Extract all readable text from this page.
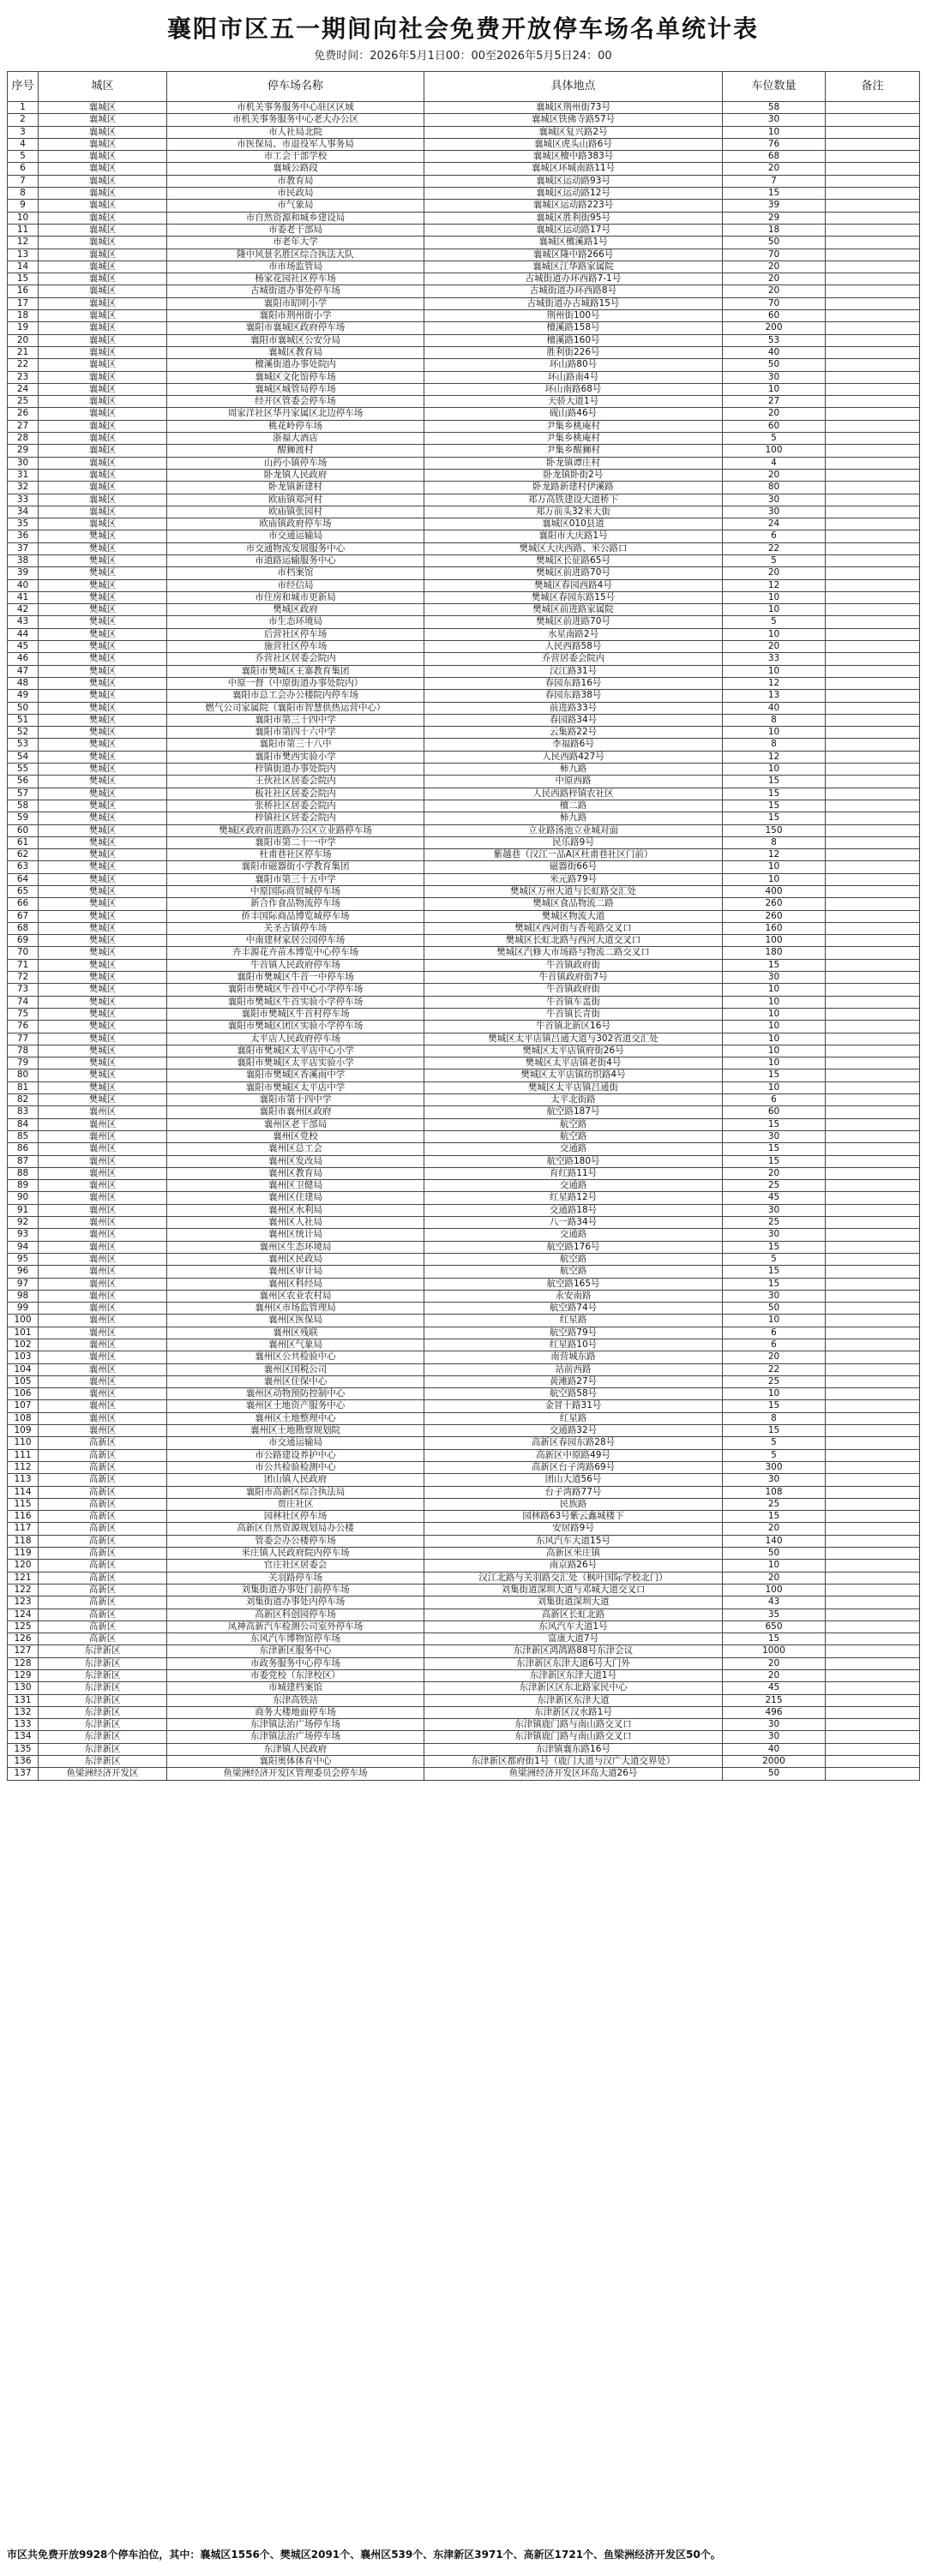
襄阳市区五一期间向社会免费开放停车场名单统计表
免费时间：2026年5月1日00：00至2026年5月5日24：00
序号	城区	停车场名称	具体地点	车位数量	备注
1	襄城区	市机关事务服务中心驻区区域	襄城区荆州街73号	58	
2	襄城区	市机关事务服务中心老大办公区	襄城区铁佛寺路57号	30	
3	襄城区	市人社局北院	襄城区复兴路2号	10	
4	襄城区	市医保局、市退役军人事务局	襄城区虎头山路6号	76	
5	襄城区	市工会干部学校	襄城区檀中路383号	68	
6	襄城区	襄城公路段	襄城区环城南路11号	20	
7	襄城区	市教育局	襄城区运动路93号	7	
8	襄城区	市民政局	襄城区运动路12号	15	
9	襄城区	市气象局	襄城区运动路223号	39	
10	襄城区	市自然资源和城乡建设局	襄城区胜利街95号	29	
11	襄城区	市委老干部局	襄城区运动路17号	18	
12	襄城区	市老年大学	襄城区檀溪路1号	50	
13	襄城区	隆中风景名胜区综合执法大队	襄城区隆中路266号	70	
14	襄城区	市市场监管局	襄城区江华路家属院	20	
15	襄城区	杨家花园社区停车场	古城街道办环西路7-1号	20	
16	襄城区	古城街道办事处停车场	古城街道办环西路8号	20	
17	襄城区	襄阳市昭明小学	古城街道办古城路15号	70	
18	襄城区	襄阳市荆州街小学	荆州街100号	60	
19	襄城区	襄阳市襄城区政府停车场	檀溪路158号	200	
20	襄城区	襄阳市襄城区公安分局	檀溪路160号	53	
21	襄城区	襄城区教育局	胜利街226号	40	
22	襄城区	檀溪街道办事处院内	环山路80号	50	
23	襄城区	襄城区文化馆停车场	环山路南4号	30	
24	襄城区	襄城区城管局停车场	环山南路68号	10	
25	襄城区	经开区管委会停车场	天骄大道1号	27	
26	襄城区	周家洋社区华丹家属区北边停车场	砚山路46号	20	
27	襄城区	桃花岭停车场	尹集乡桃庵村	60	
28	襄城区	浙福大酒店	尹集乡桃庵村	5	
29	襄城区	醒狮渡村	尹集乡醒狮村	100	
30	襄城区	山药小镇停车场	卧龙镇谭庄村	4	
31	襄城区	卧龙镇人民政府	卧龙镇卧街2号	20	
32	襄城区	卧龙镇新建村	卧龙路新建村伊溪路	80	
33	襄城区	欧庙镇郑河村	郑万高铁建设大道桥下	30	
34	襄城区	欧庙镇张园村	郑万前头32米大街	30	
35	襄城区	欧庙镇政府停车场	襄城区010县道	24	
36	樊城区	市交通运输局	襄阳市大庆路1号	6	
37	樊城区	市交通物流发展服务中心	樊城区大庆西路、米公路口	22	
38	樊城区	市道路运输服务中心	樊城区长征路65号	5	
39	樊城区	市档案馆	樊城区前进路70号	20	
40	樊城区	市经信局	樊城区春园西路4号	12	
41	樊城区	市住房和城市更新局	樊城区春园东路15号	10	
42	樊城区	樊城区政府	樊城区前进路家属院	10	
43	樊城区	市生态环境局	樊城区前进路70号	5	
44	樊城区	后营社区停车场	水星南路2号	10	
45	樊城区	施营社区停车场	人民西路58号	20	
46	樊城区	乔营社区居委会院内	乔营居委会院内	33	
47	樊城区	襄阳市樊城区王寨教育集团	汉江路31号	10	
48	樊城区	中原一督（中原街道办事处院内）	春园东路16号	12	
49	樊城区	襄阳市总工会办公楼院内停车场	春园东路38号	13	
50	樊城区	燃气公司家属院（襄阳市智慧供热运营中心）	前进路33号	40	
51	樊城区	襄阳市第三十四中学	春园路34号	8	
52	樊城区	襄阳市第四十六中学	云集路22号	10	
53	樊城区	襄阳市第三十八中	李福路6号	8	
54	樊城区	襄阳市樊西实验小学	人民西路427号	12	
55	樊城区	梓镇街道办事处院内	柿九路	10	
56	樊城区	王伙社区居委会院内	中原西路	15	
57	樊城区	板社社区居委会院内	人民西路梓镇农社区	15	
58	樊城区	张桥社区居委会院内	檀二路	15	
59	樊城区	梓镇社区居委会院内	柿九路	15	
60	樊城区	樊城区政府前进路办公区立业路停车场	立业路汤池立业城对面	150	
61	樊城区	襄阳市第二十一中学	民乐路9号	8	
62	樊城区	杜甫巷社区停车场	紫越巷（汉江一品A区杜甫巷社区门前）	12	
63	樊城区	襄阳市磁器街小学教育集团	磁器街66号	10	
64	樊城区	襄阳市第三十五中学	米元路79号	10	
65	樊城区	中原国际商贸城停车场	樊城区万州大道与长虹路交汇处	400	
66	樊城区	新合作食品物流停车场	樊城区食品物流二路	260	
67	樊城区	侨丰国际商品博览城停车场	樊城区物流大道	260	
68	樊城区	关圣古镇停车场	樊城区西河街与香苑路交叉口	160	
69	樊城区	中南建材家居公园停车场	樊城区长虹北路与西河大道交叉口	100	
70	樊城区	卉丰源花卉苗木博览中心停车场	樊城区汽修大市场路与物流二路交叉口	180	
71	樊城区	牛首镇人民政府停车场	牛首镇政府街	15	
72	樊城区	襄阳市樊城区牛首一中停车场	牛首镇政府街7号	30	
73	樊城区	襄阳市樊城区牛首中心小学停车场	牛首镇政府街	10	
74	樊城区	襄阳市樊城区牛首实验小学停车场	牛首镇车盖街	10	
75	樊城区	襄阳市樊城区牛首村停车场	牛首镇长青街	10	
76	樊城区	襄阳市樊城区团区实验小学停车场	牛首镇北新区16号	10	
77	樊城区	太平店人民政府停车场	樊城区太平店镇吕通大道与302省道交汇处	10	
78	樊城区	襄阳市樊城区太平店中心小学	樊城区太平店镇府街26号	10	
79	樊城区	襄阳市樊城区太平店实验小学	樊城区太平店镇老街4号	10	
80	樊城区	襄阳市樊城区香溪雨中学	樊城区太平店镇纺织路4号	15	
81	樊城区	襄阳市樊城区太平店中学	樊城区太平店镇吕通街	10	
82	樊城区	襄阳市第十四中学	太平北街路	6	
83	襄州区	襄阳市襄州区政府	航空路187号	60	
84	襄州区	襄州区老干部局	航空路	15	
85	襄州区	襄州区党校	航空路	30	
86	襄州区	襄州区总工会	交通路	15	
87	襄州区	襄州区发改局	航空路180号	15	
88	襄州区	襄州区教育局	育红路11号	20	
89	襄州区	襄州区卫健局	交通路	25	
90	襄州区	襄州区住建局	红星路12号	45	
91	襄州区	襄州区水利局	交通路18号	30	
92	襄州区	襄州区人社局	八一路34号	25	
93	襄州区	襄州区统计局	交通路	30	
94	襄州区	襄州区生态环境局	航空路176号	15	
95	襄州区	襄州区民政局	航空路	5	
96	襄州区	襄州区审计局	航空路	15	
97	襄州区	襄州区科经局	航空路165号	15	
98	襄州区	襄州区农业农村局	永安南路	30	
99	襄州区	襄州区市场监管理局	航空路74号	50	
100	襄州区	襄州区医保局	红星路	10	
101	襄州区	襄州区残联	航空路79号	6	
102	襄州区	襄州区气象局	红星路10号	6	
103	襄州区	襄州区公共检验中心	南营城东路	20	
104	襄州区	襄州区国税公司	站前西路	22	
105	襄州区	襄州区住保中心	黄滩路27号	25	
106	襄州区	襄州区动物预防控制中心	航空路58号	10	
107	襄州区	襄州区土地资产服务中心	金冒十路31号	15	
108	襄州区	襄州区土地整理中心	红星路	8	
109	襄州区	襄州区土地勘察规划院	交通路32号	15	
110	高新区	市交通运输局	高新区春园东路28号	5	
111	高新区	市公路建设养护中心	高新区中原路49号	5	
112	高新区	市公共检验检测中心	高新区台子湾路69号	300	
113	高新区	团山镇人民政府	团山大道56号	30	
114	高新区	襄阳市高新区综合执法局	台子湾路77号	108	
115	高新区	贾庄社区	民族路	25	
116	高新区	园林社区停车场	园林路63号紫云鑫城楼下	15	
117	高新区	高新区自然资源规划局办公楼	安居路9号	20	
118	高新区	管委会办公楼停车场	东风汽车大道15号	140	
119	高新区	米庄镇人民政府院内停车场	高新区米庄镇	50	
120	高新区	官庄社区居委会	南京路26号	10	
121	高新区	关羽路停车场	汉江北路与关羽路交汇处（枫叶国际学校北门）	20	
122	高新区	刘集街道办事处门前停车场	刘集街道深圳大道与邓城大道交叉口	100	
123	高新区	刘集街道办事处内停车场	刘集街道深圳大道	43	
124	高新区	高新区科创园停车场	高新区长虹北路	35	
125	高新区	凤神高新汽车检测公司室外停车场	东风汽车大道1号	650	
126	高新区	东风汽车博物馆停车场	富康大道7号	15	
127	东津新区	东津新区服务中心	东津新区鸿鸽路88号东津会议	1000	
128	东津新区	市政务服务中心停车场	东津新区东津大道6号大门外	20	
129	东津新区	市委党校（东津校区）	东津新区东津大道1号	20	
130	东津新区	市城建档案馆	东津新区区东北路家民中心	45	
131	东津新区	东津高铁站	东津新区东津大道	215	
132	东津新区	商务大楼地面停车场	东津新区汉水路1号	496	
133	东津新区	东津镇法治广场停车场	东津镇鹿门路与南山路交叉口	30	
134	东津新区	东津镇法治广场停车场	东津镇鹿门路与南山路交叉口	30	
135	东津新区	东津镇人民政府	东津镇襄东路16号	40	
136	东津新区	襄阳奥体体育中心	东津新区都府街1号（鹿门大道与汉广大道交界处）	2000	
137	鱼梁洲经济开发区	鱼梁洲经济开发区管理委员会停车场	鱼梁洲经济开发区环岛大道26号	50	
市区共免费开放9928个停车泊位，其中：襄城区1556个、樊城区2091个、襄州区539个、东津新区3971个、高新区1721个、鱼梁洲经济开发区50个。
